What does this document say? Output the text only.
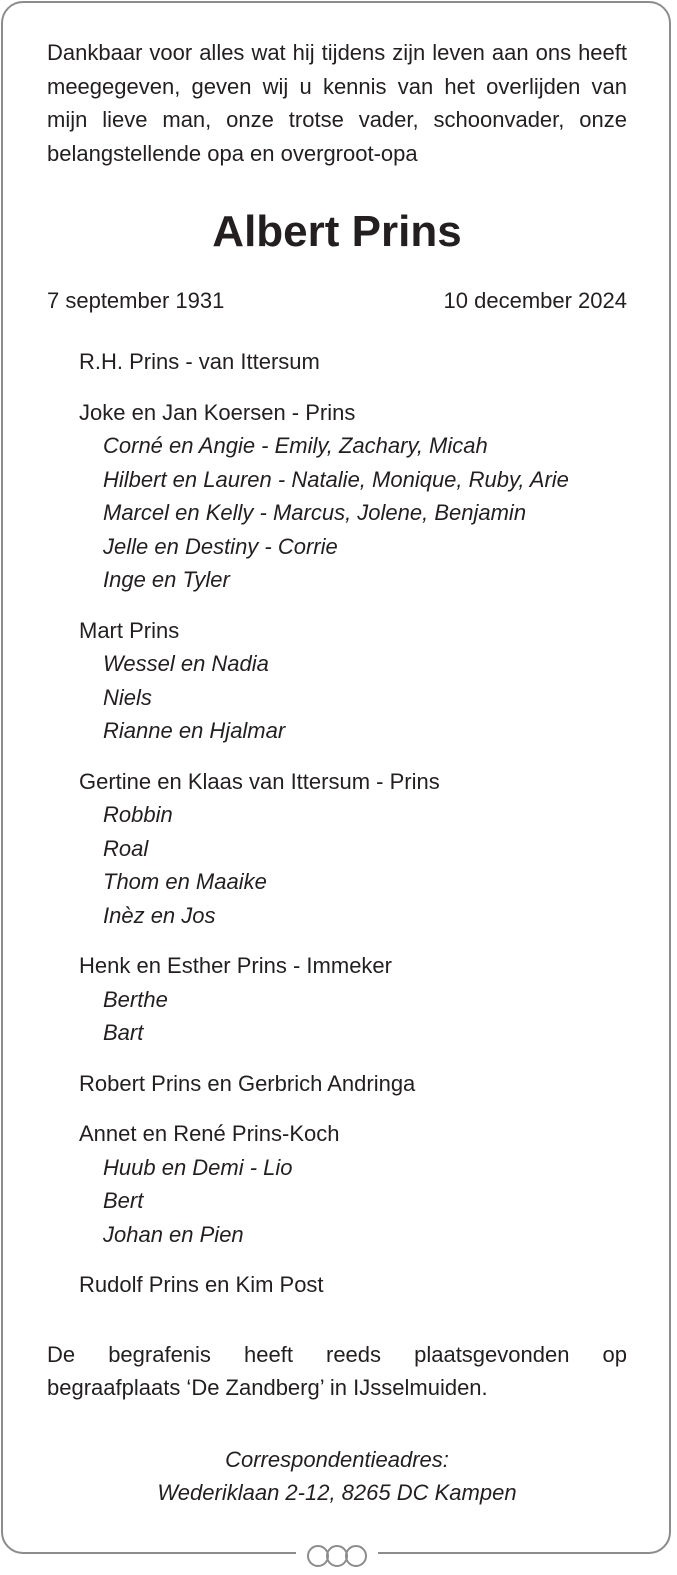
Dankbaar voor alles wat hij tijdens zijn leven aan ons heeft meegegeven, geven wij u kennis van het overlijden van mijn lieve man, onze trotse vader, schoonvader, onze belangstellende opa en overgroot-opa

Albert Prins
7 september 1931	10 december 2024
R.H. Prins - van Ittersum
Joke en Jan Koersen - Prins
Corné en Angie - Emily, Zachary, Micah
Hilbert en Lauren - Natalie, Monique, Ruby, Arie
Marcel en Kelly - Marcus, Jolene, Benjamin
Jelle en Destiny - Corrie
Inge en Tyler
Mart Prins
Wessel en Nadia
Niels
Rianne en Hjalmar
Gertine en Klaas van Ittersum - Prins
Robbin
Roal
Thom en Maaike
Inèz en Jos
Henk en Esther Prins - Immeker
Berthe
Bart
Robert Prins en Gerbrich Andringa
Annet en René Prins-Koch
Huub en Demi - Lio
Bert
Johan en Pien
Rudolf Prins en Kim Post

De begrafenis heeft reeds plaatsgevonden op begraafplaats ‘De Zandberg’ in IJsselmuiden.

Correspondentieadres:
Wederiklaan 2-12, 8265 DC Kampen
